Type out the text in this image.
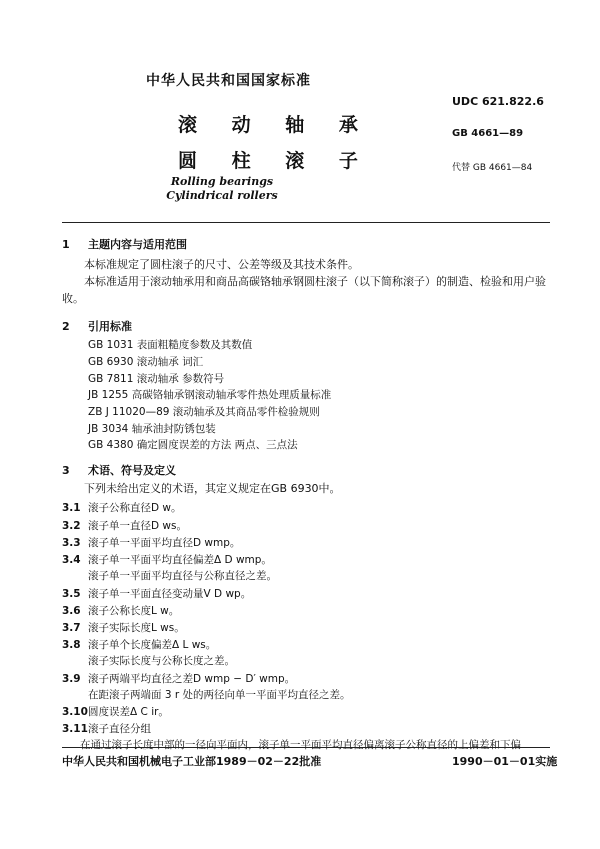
中华人民共和国国家标准
滚 动 轴 承
圆 柱 滚 子
Rolling bearings
Cylindrical rollers
UDC 621.822.6
GB 4661—89
代替 GB 4661—84
1 主题内容与适用范围
本标准规定了圆柱滚子的尺寸、公差等级及其技术条件。
本标准适用于滚动轴承用和商品高碳铬轴承钢圆柱滚子（以下简称滚子）的制造、检验和用户验收。
2 引用标准
GB 1031 表面粗糙度参数及其数值
GB 6930 滚动轴承 词汇
GB 7811 滚动轴承 参数符号
JB 1255 高碳铬轴承钢滚动轴承零件热处理质量标准
ZB J 11020—89 滚动轴承及其商品零件检验规则
JB 3034 轴承油封防锈包装
GB 4380 确定圆度误差的方法 两点、三点法
3 术语、符号及定义
下列未给出定义的术语，其定义规定在GB 6930中。
3.1 滚子公称直径D w。
3.2 滚子单一直径D ws。
3.3 滚子单一平面平均直径D wmp。
3.4 滚子单一平面平均直径偏差Δ D wmp。
滚子单一平面平均直径与公称直径之差。
3.5 滚子单一平面直径变动量V D wp。
3.6 滚子公称长度L w。
3.7 滚子实际长度L ws。
3.8 滚子单个长度偏差Δ L ws。
滚子实际长度与公称长度之差。
3.9 滚子两端平均直径之差D wmp − D′ wmp。
在距滚子两端面 3 r 处的两径向单一平面平均直径之差。
3.10圆度误差Δ C ir。
3.11滚子直径分组
在通过滚子长度中部的一径向平面内，滚子单一平面平均直径偏离滚子公称直径的上偏差和下偏
中华人民共和国机械电子工业部1989－02－22批准	1990－01－01实施
